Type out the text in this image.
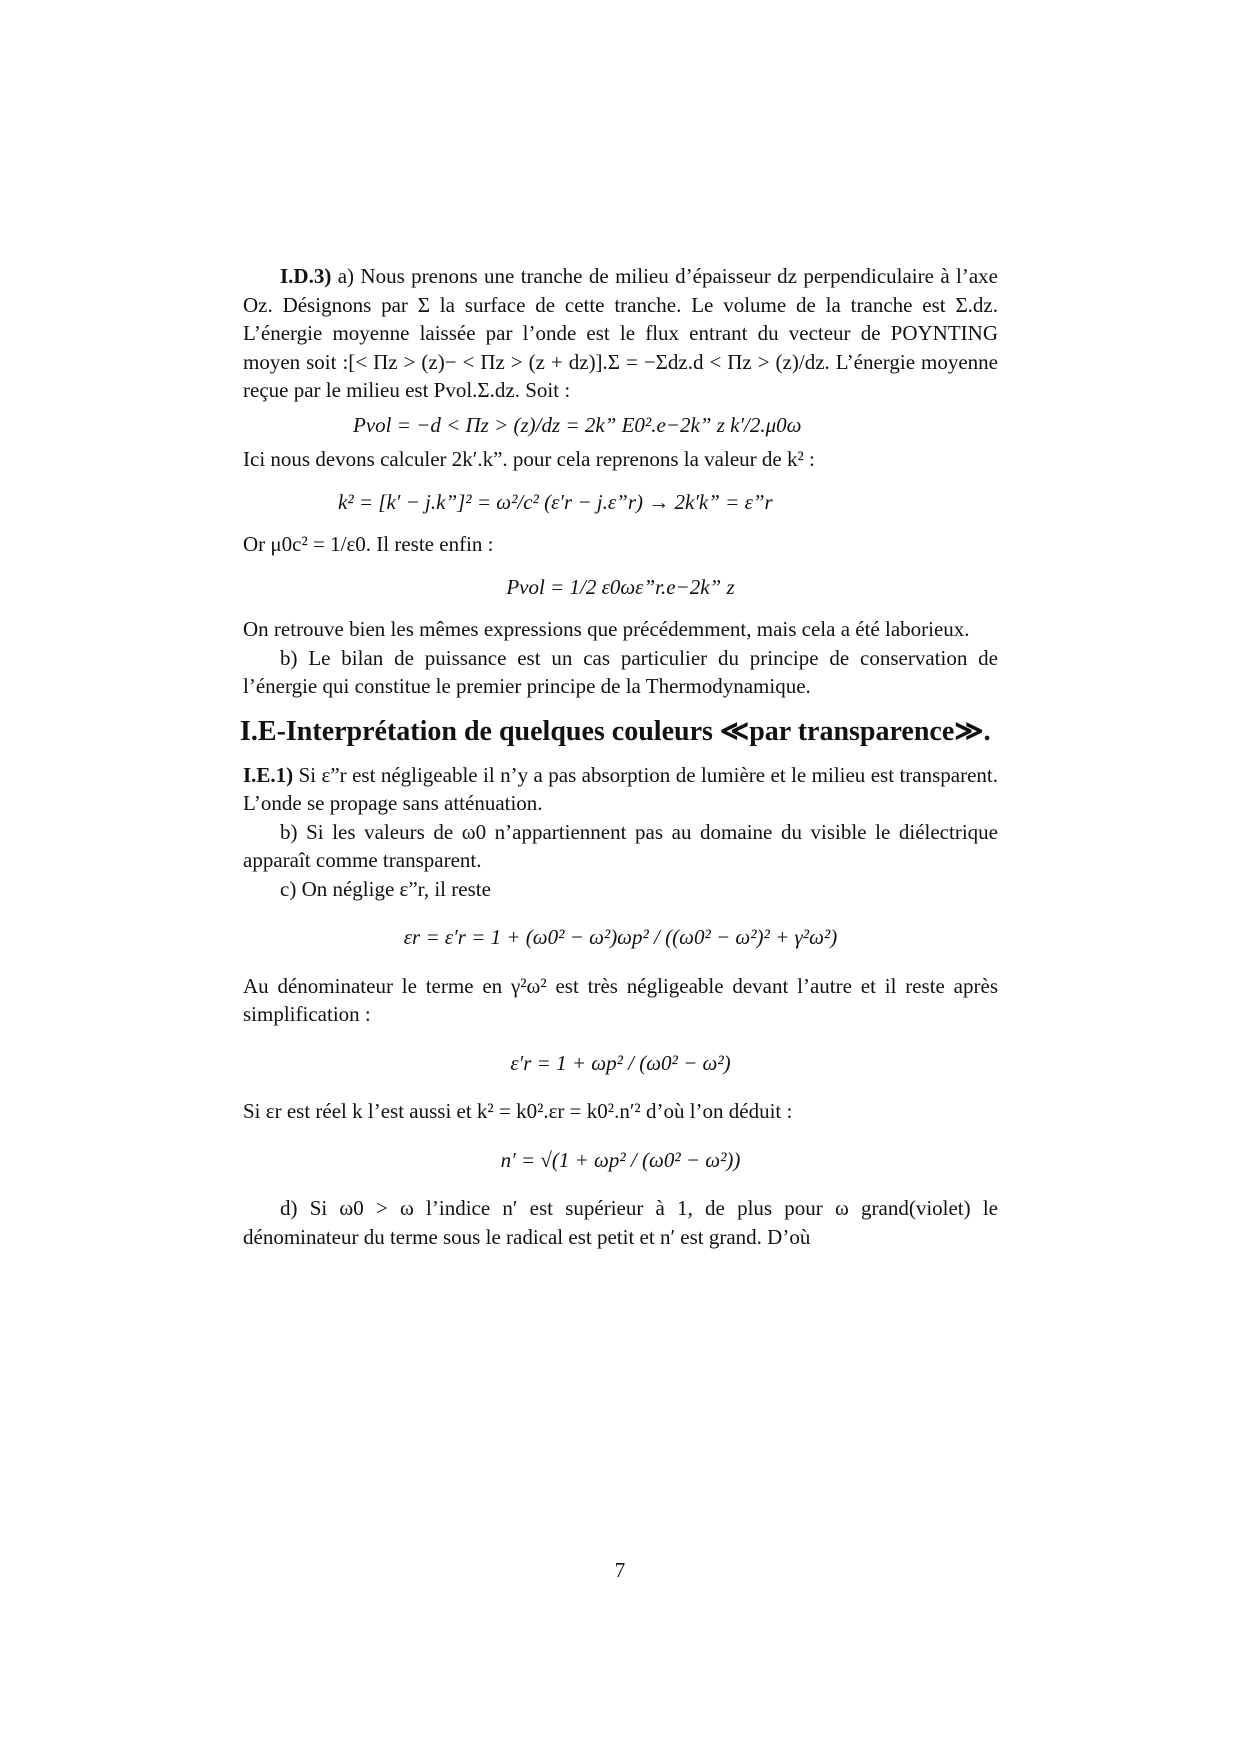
I.D.3) a) Nous prenons une tranche de milieu d’épaisseur dz perpendiculaire à l’axe Oz. Désignons par Σ la surface de cette tranche. Le volume de la tranche est Σ.dz. L’énergie moyenne laissée par l’onde est le flux entrant du vecteur de POYNTING moyen soit :[< Πz > (z)− < Πz > (z + dz)].Σ = −Σdz.d < Πz > (z)/dz. L’énergie moyenne reçue par le milieu est Pvol.Σ.dz. Soit :

Pvol = −d < Πz > (z)/dz = 2k” E0².e−2k” z k′/2.μ0ω

Ici nous devons calculer 2k′.k”. pour cela reprenons la valeur de k² :

k² = [k′ − j.k”]² = ω²/c² (ε′r − j.ε”r) → 2k′k” = ε”r

Or μ0c² = 1/ε0. Il reste enfin :

Pvol = 1/2 ε0ωε”r.e−2k” z

On retrouve bien les mêmes expressions que précédemment, mais cela a été laborieux.

b) Le bilan de puissance est un cas particulier du principe de conservation de l’énergie qui constitue le premier principe de la Thermodynamique.

I.E-Interprétation de quelques couleurs ≪par transparence≫.

I.E.1) Si ε”r est négligeable il n’y a pas absorption de lumière et le milieu est transparent. L’onde se propage sans atténuation.

b) Si les valeurs de ω0 n’appartiennent pas au domaine du visible le diélectrique apparaît comme transparent.

c) On néglige ε”r, il reste

εr = ε′r = 1 + (ω0² − ω²)ωp² / ((ω0² − ω²)² + γ²ω²)

Au dénominateur le terme en γ²ω² est très négligeable devant l’autre et il reste après simplification :

ε′r = 1 + ωp² / (ω0² − ω²)

Si εr est réel k l’est aussi et k² = k0².εr = k0².n′² d’où l’on déduit :

n′ = √(1 + ωp² / (ω0² − ω²))

d) Si ω0 > ω l’indice n′ est supérieur à 1, de plus pour ω grand(violet) le dénominateur du terme sous le radical est petit et n′ est grand. D’où

7
